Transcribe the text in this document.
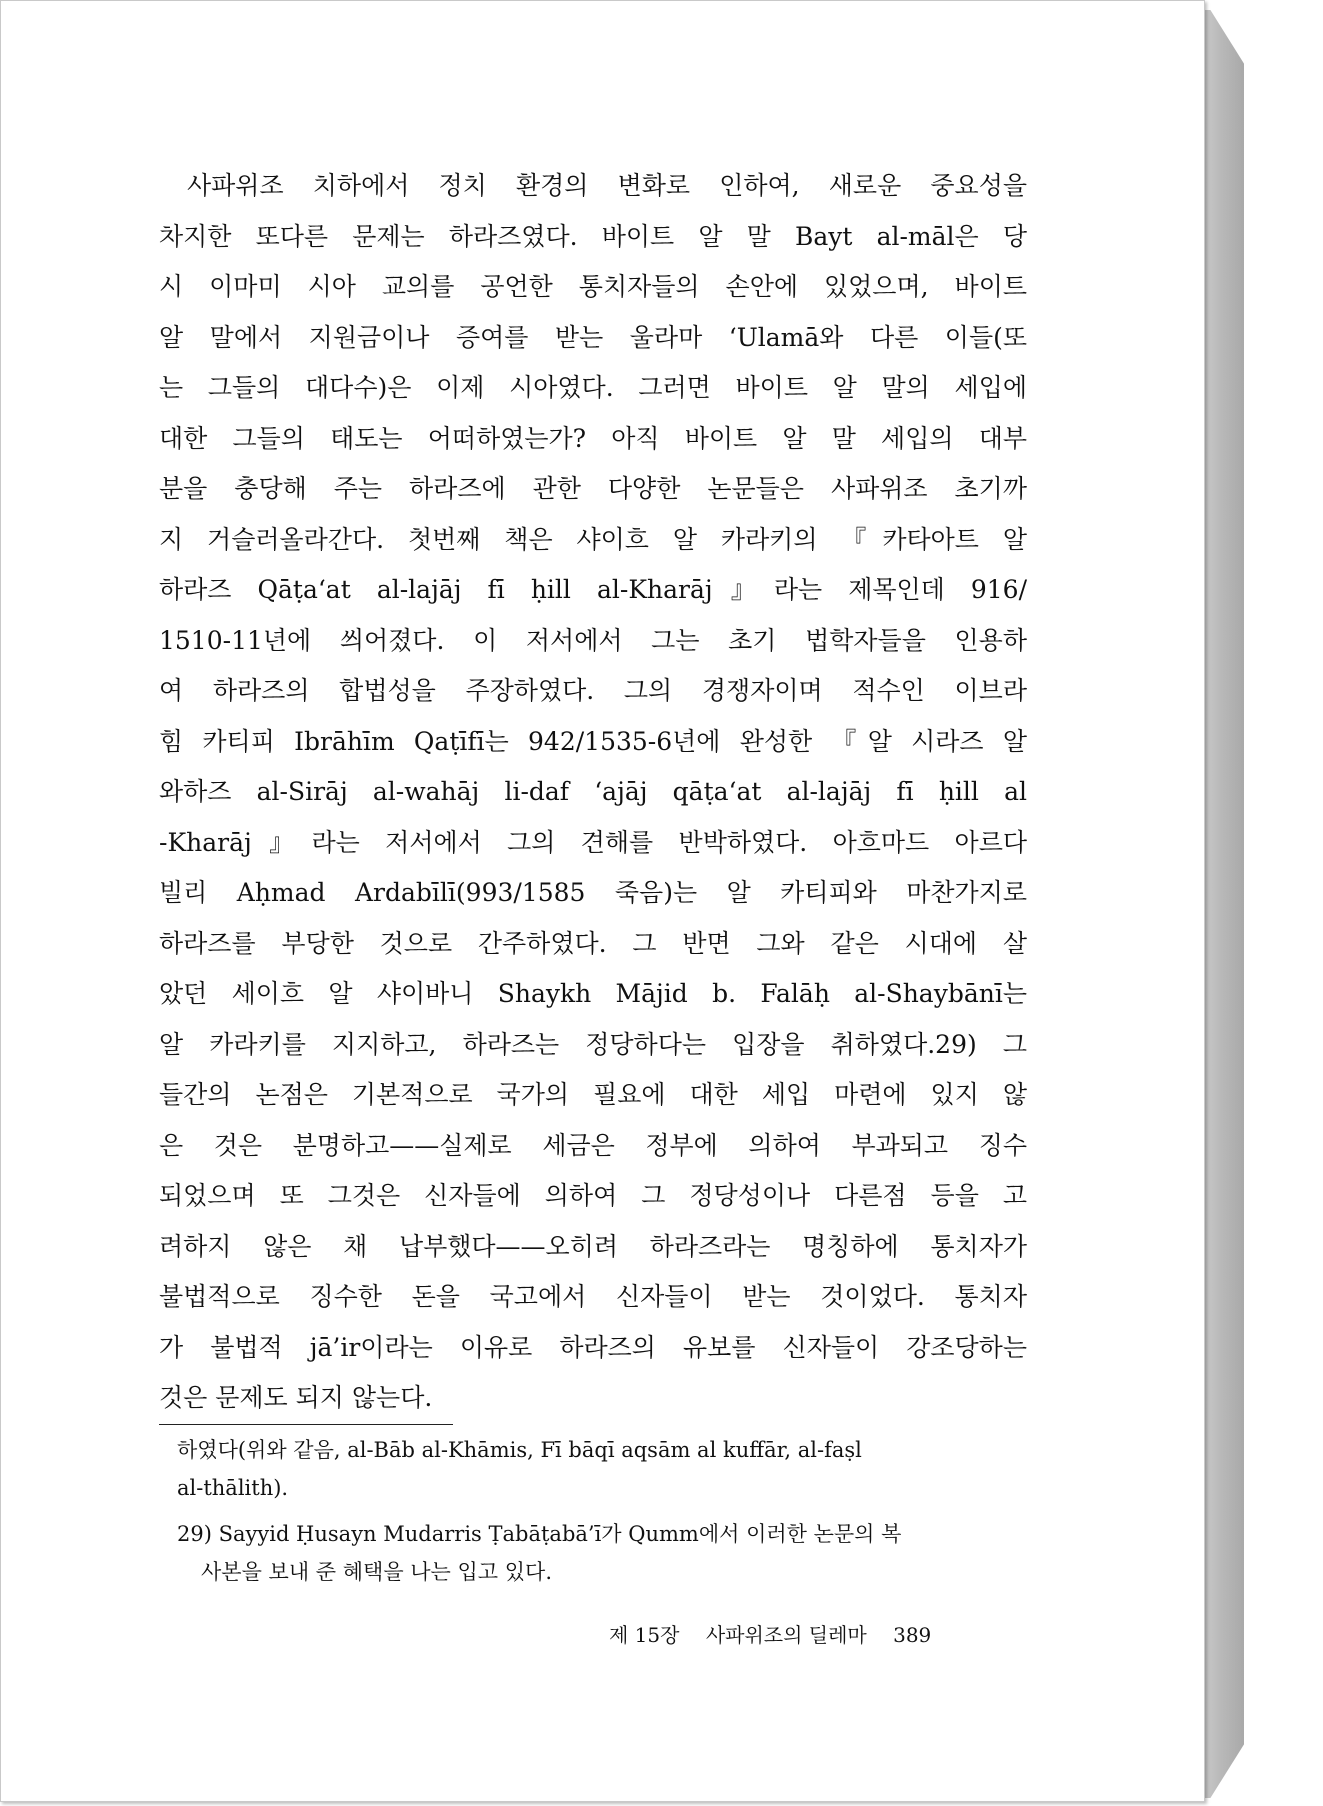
사파위조 치하에서 정치 환경의 변화로 인하여, 새로운 중요성을
차지한 또다른 문제는 하라즈였다. 바이트 알 말 Bayt al-māl은 당
시 이마미 시아 교의를 공언한 통치자들의 손안에 있었으며, 바이트
알 말에서 지원금이나 증여를 받는 울라마 ‘Ulamā와 다른 이들(또
는 그들의 대다수)은 이제 시아였다. 그러면 바이트 알 말의 세입에
대한 그들의 태도는 어떠하였는가? 아직 바이트 알 말 세입의 대부
분을 충당해 주는 하라즈에 관한 다양한 논문들은 사파위조 초기까
지 거슬러올라간다. 첫번째 책은 샤이흐 알 카라키의 『카타아트 알
하라즈 Qāṭa‘at al-lajāj fī ḥill al-Kharāj』라는 제목인데 916/
1510-11년에 씌어졌다. 이 저서에서 그는 초기 법학자들을 인용하
여 하라즈의 합법성을 주장하였다. 그의 경쟁자이며 적수인 이브라
힘 카티피 Ibrāhīm Qaṭīfī는 942/1535-6년에 완성한 『알 시라즈 알
와하즈 al-Sirāj al-wahāj li-daf ‘ajāj qāṭa‘at al-lajāj fī ḥill al
-Kharāj』라는 저서에서 그의 견해를 반박하였다. 아흐마드 아르다
빌리 Aḥmad Ardabīlī(993/1585 죽음)는 알 카티피와 마찬가지로
하라즈를 부당한 것으로 간주하였다. 그 반면 그와 같은 시대에 살
았던 세이흐 알 샤이바니 Shaykh Mājid b. Falāḥ al-Shaybānī는
알 카라키를 지지하고, 하라즈는 정당하다는 입장을 취하였다.29) 그
들간의 논점은 기본적으로 국가의 필요에 대한 세입 마련에 있지 않
은 것은 분명하고——실제로 세금은 정부에 의하여 부과되고 징수
되었으며 또 그것은 신자들에 의하여 그 정당성이나 다른점 등을 고
려하지 않은 채 납부했다——오히려 하라즈라는 명칭하에 통치자가
불법적으로 징수한 돈을 국고에서 신자들이 받는 것이었다. 통치자
가 불법적 jā’ir이라는 이유로 하라즈의 유보를 신자들이 강조당하는
것은 문제도 되지 않는다.
하였다(위와 같음, al-Bāb al-Khāmis, Fī bāqī aqsām al kuffār, al-faṣl
al-thālith).
29) Sayyid Ḥusayn Mudarris Ṭabāṭabā’ī가 Qumm에서 이러한 논문의 복
사본을 보내 준 혜택을 나는 입고 있다.
제 15장 사파위조의 딜레마 389
